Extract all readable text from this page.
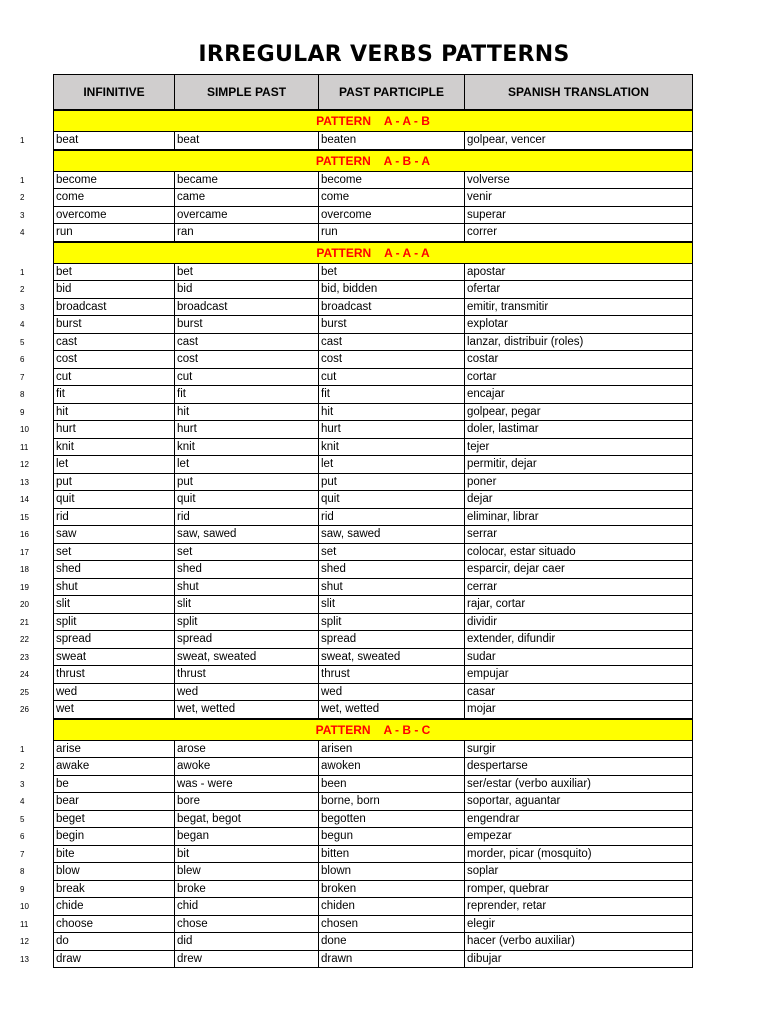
IRREGULAR VERBS PATTERNS
INFINITIVE	SIMPLE PAST	PAST PARTICIPLE	SPANISH TRANSLATION
PATTERN    A - A - B
1	beat	beat	beaten	golpear, vencer
PATTERN    A - B - A
1	become	became	become	volverse
2	come	came	come	venir
3	overcome	overcame	overcome	superar
4	run	ran	run	correr
PATTERN    A - A - A
1	bet	bet	bet	apostar
2	bid	bid	bid, bidden	ofertar
3	broadcast	broadcast	broadcast	emitir, transmitir
4	burst	burst	burst	explotar
5	cast	cast	cast	lanzar, distribuir (roles)
6	cost	cost	cost	costar
7	cut	cut	cut	cortar
8	fit	fit	fit	encajar
9	hit	hit	hit	golpear, pegar
10	hurt	hurt	hurt	doler, lastimar
11	knit	knit	knit	tejer
12	let	let	let	permitir, dejar
13	put	put	put	poner
14	quit	quit	quit	dejar
15	rid	rid	rid	eliminar, librar
16	saw	saw, sawed	saw, sawed	serrar
17	set	set	set	colocar, estar situado
18	shed	shed	shed	esparcir, dejar caer
19	shut	shut	shut	cerrar
20	slit	slit	slit	rajar, cortar
21	split	split	split	dividir
22	spread	spread	spread	extender, difundir
23	sweat	sweat, sweated	sweat, sweated	sudar
24	thrust	thrust	thrust	empujar
25	wed	wed	wed	casar
26	wet	wet, wetted	wet, wetted	mojar
PATTERN    A - B - C
1	arise	arose	arisen	surgir
2	awake	awoke	awoken	despertarse
3	be	was - were	been	ser/estar (verbo auxiliar)
4	bear	bore	borne, born	soportar, aguantar
5	beget	begat, begot	begotten	engendrar
6	begin	began	begun	empezar
7	bite	bit	bitten	morder, picar (mosquito)
8	blow	blew	blown	soplar
9	break	broke	broken	romper, quebrar
10	chide	chid	chiden	reprender, retar
11	choose	chose	chosen	elegir
12	do	did	done	hacer (verbo auxiliar)
13	draw	drew	drawn	dibujar
